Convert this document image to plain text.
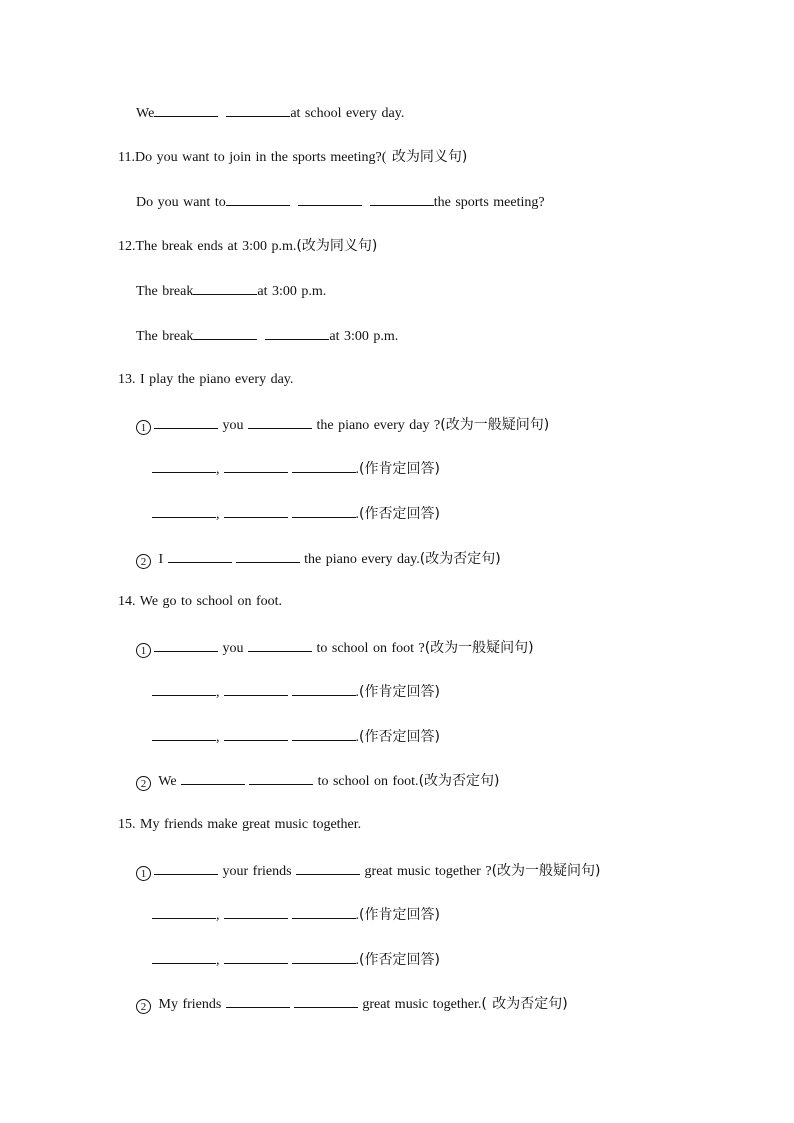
We	at school every day.
11.Do you want to join in the sports meeting?( 改为同义句)
Do you want to	the sports meeting?
12.The break ends at 3:00 p.m.(改为同义句)
The break	at 3:00 p.m.
The break	at 3:00 p.m.
13. I play the piano every day.
1	you	the piano every day ?(改为一般疑问句)
,	.(作肯定回答)
,	.(作否定回答)
2 I	the piano every day.(改为否定句)
14. We go to school on foot.
1	you	to school on foot ?(改为一般疑问句)
,	.(作肯定回答)
,	.(作否定回答)
2 We	to school on foot.(改为否定句)
15. My friends make great music together.
1	your friends	great music together ?(改为一般疑问句)
,	.(作肯定回答)
,	.(作否定回答)
2 My friends	great music together.( 改为否定句)
